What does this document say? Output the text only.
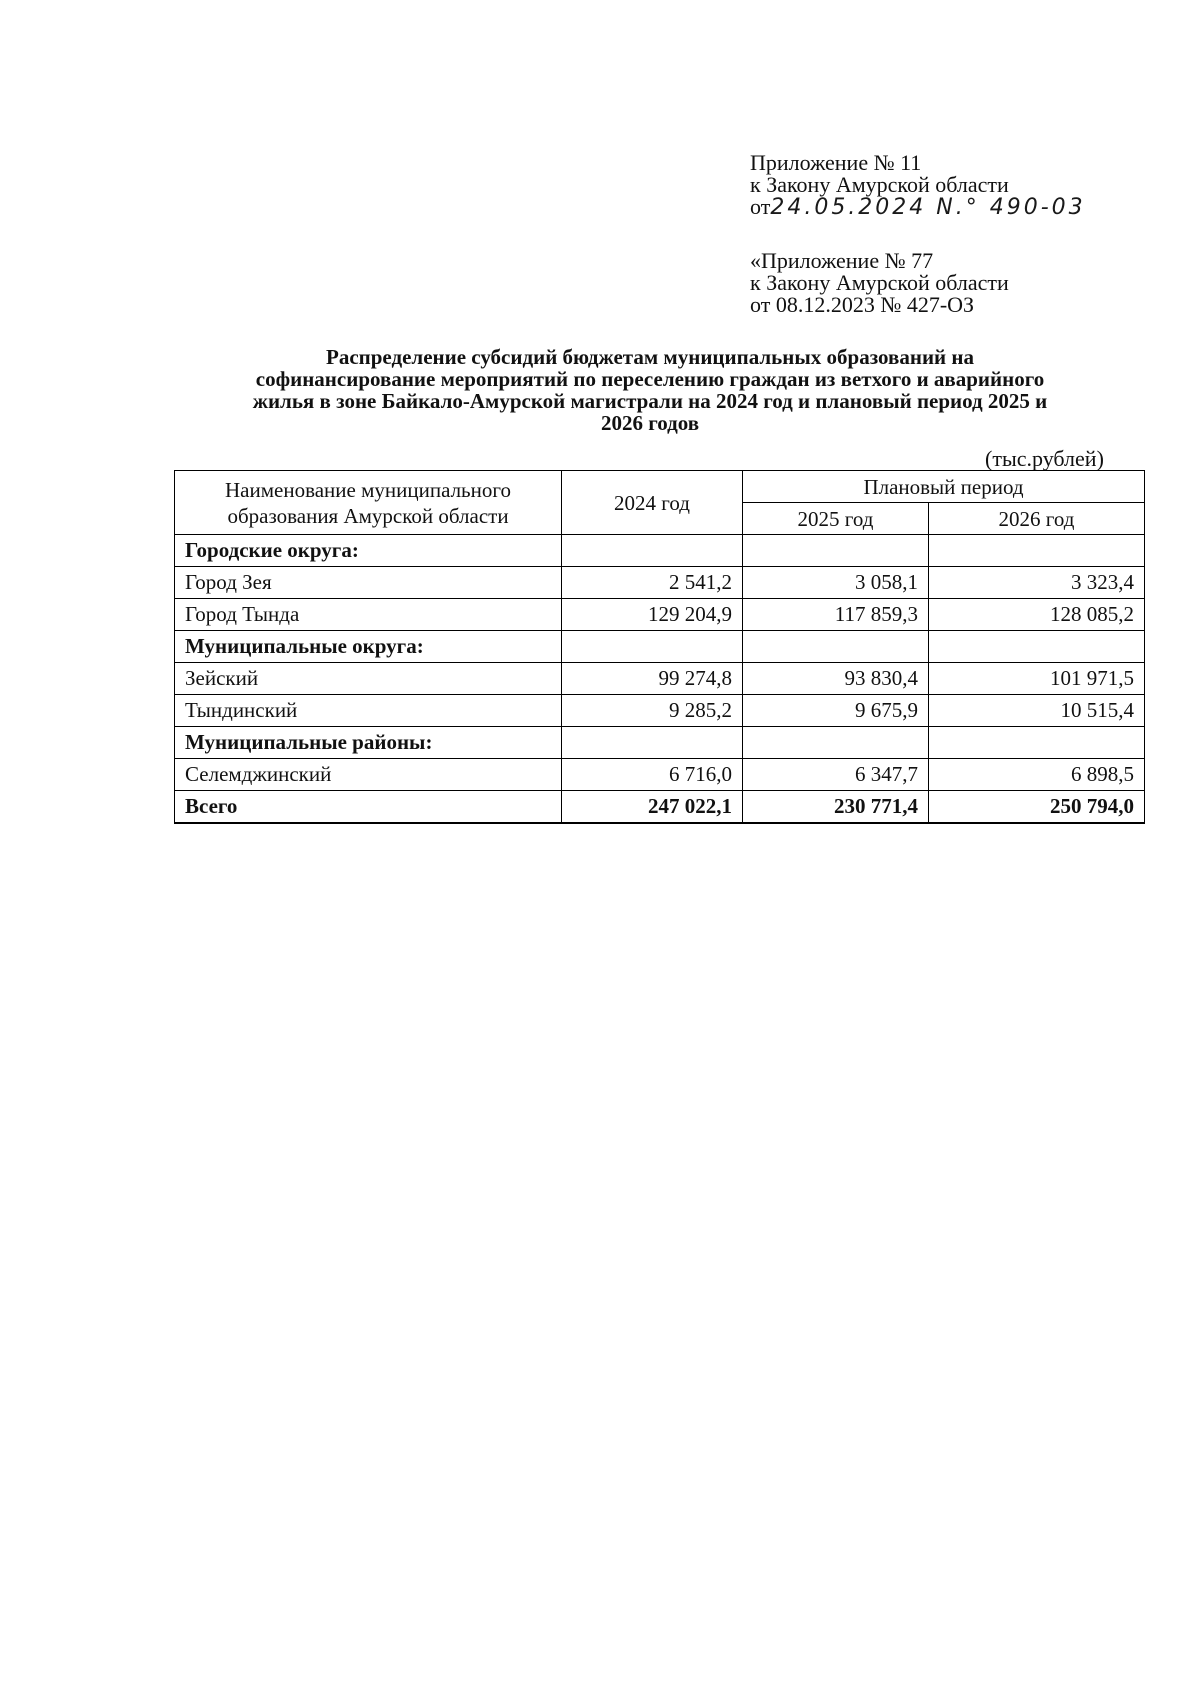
Приложение № 11
к Закону Амурской области
от24.05.2024 N.° 490-03
«Приложение № 77
к Закону Амурской области
от 08.12.2023 № 427-ОЗ
Распределение субсидий бюджетам муниципальных образований на
софинансирование мероприятий по переселению граждан из ветхого и аварийного
жилья в зоне Байкало-Амурской магистрали на 2024 год и плановый период 2025 и
2026 годов
(тыс.рублей)
Наименование муниципального образования Амурской области	2024 год	Плановый период	
		2025 год	2026 год
Городские округа:			
Город Зея	2 541,2	3 058,1	3 323,4
Город Тында	129 204,9	117 859,3	128 085,2
Муниципальные округа:			
Зейский	99 274,8	93 830,4	101 971,5
Тындинский	9 285,2	9 675,9	10 515,4
Муниципальные районы:			
Селемджинский	6 716,0	6 347,7	6 898,5
Всего	247 022,1	230 771,4	250 794,0
